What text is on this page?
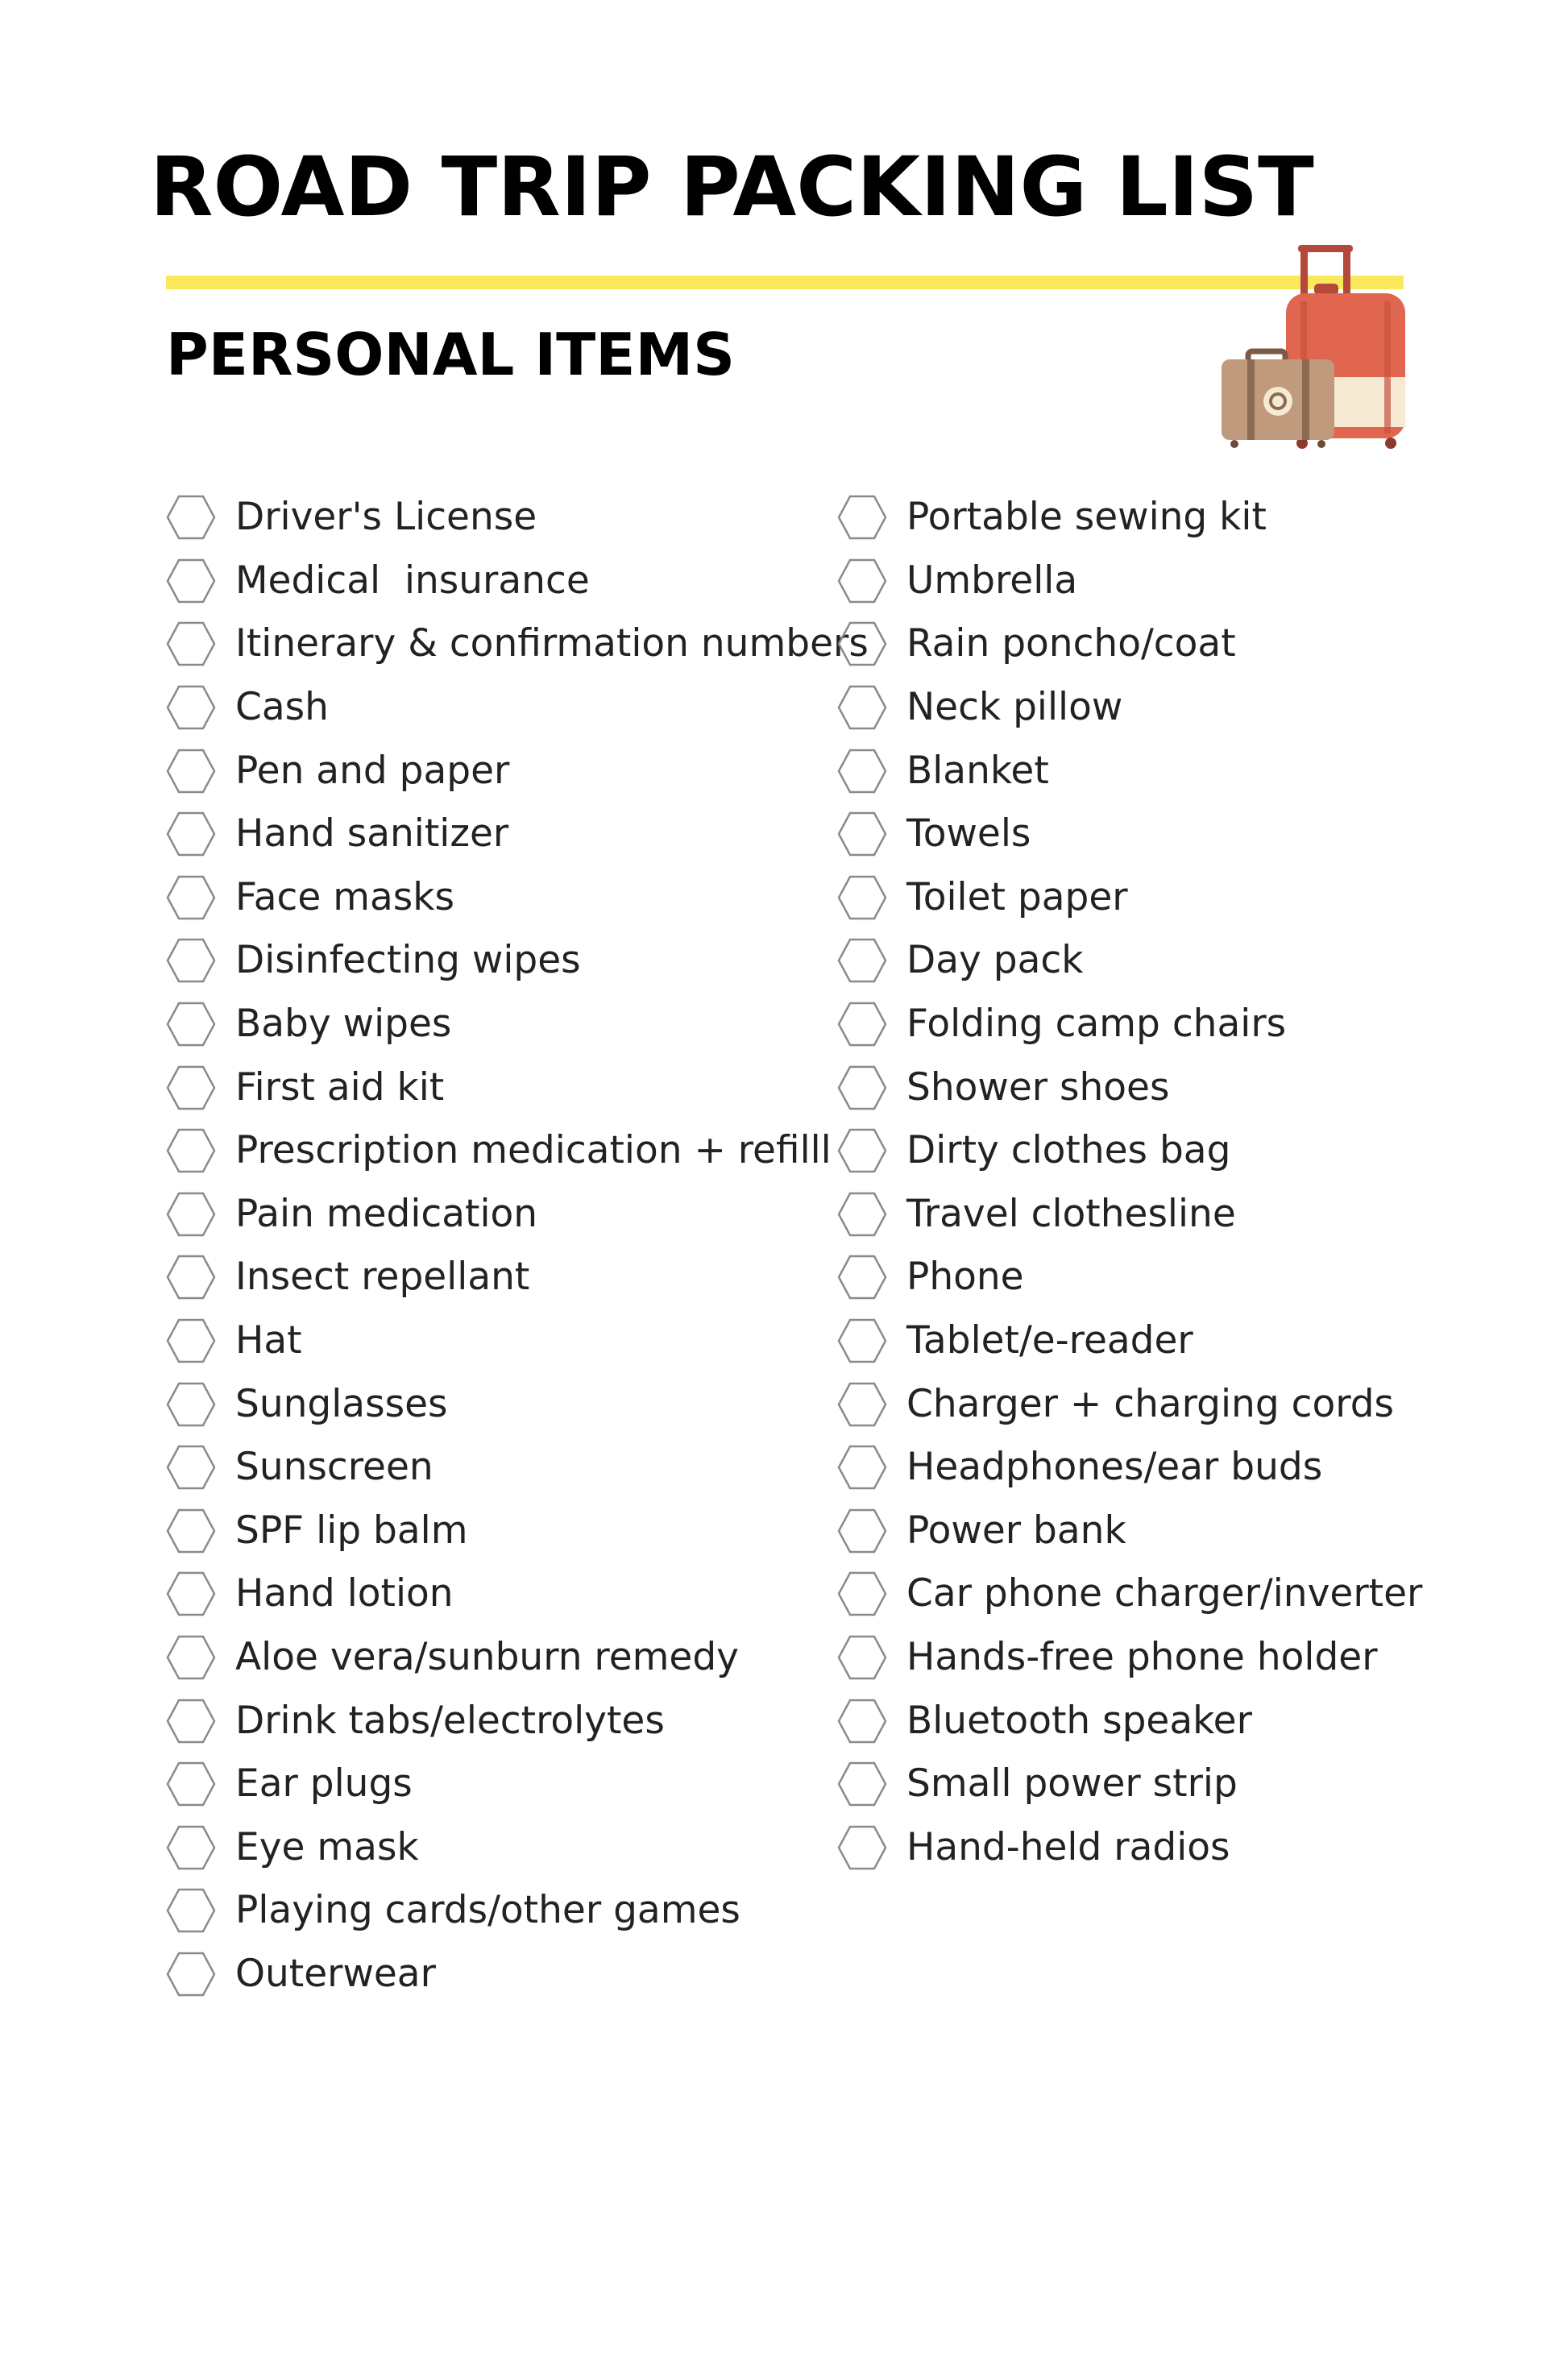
ROAD TRIP PACKING LIST
PERSONAL ITEMS
Driver's License
Medical  insurance
Itinerary & confirmation numbers
Cash
Pen and paper
Hand sanitizer
Face masks
Disinfecting wipes
Baby wipes
First aid kit
Prescription medication + refilll
Pain medication
Insect repellant
Hat
Sunglasses
Sunscreen
SPF lip balm
Hand lotion
Aloe vera/sunburn remedy
Drink tabs/electrolytes
Ear plugs
Eye mask
Playing cards/other games
Outerwear
Portable sewing kit
Umbrella
Rain poncho/coat
Neck pillow
Blanket
Towels
Toilet paper
Day pack
Folding camp chairs
Shower shoes
Dirty clothes bag
Travel clothesline
Phone
Tablet/e-reader
Charger + charging cords
Headphones/ear buds
Power bank
Car phone charger/inverter
Hands-free phone holder
Bluetooth speaker
Small power strip
Hand-held radios
